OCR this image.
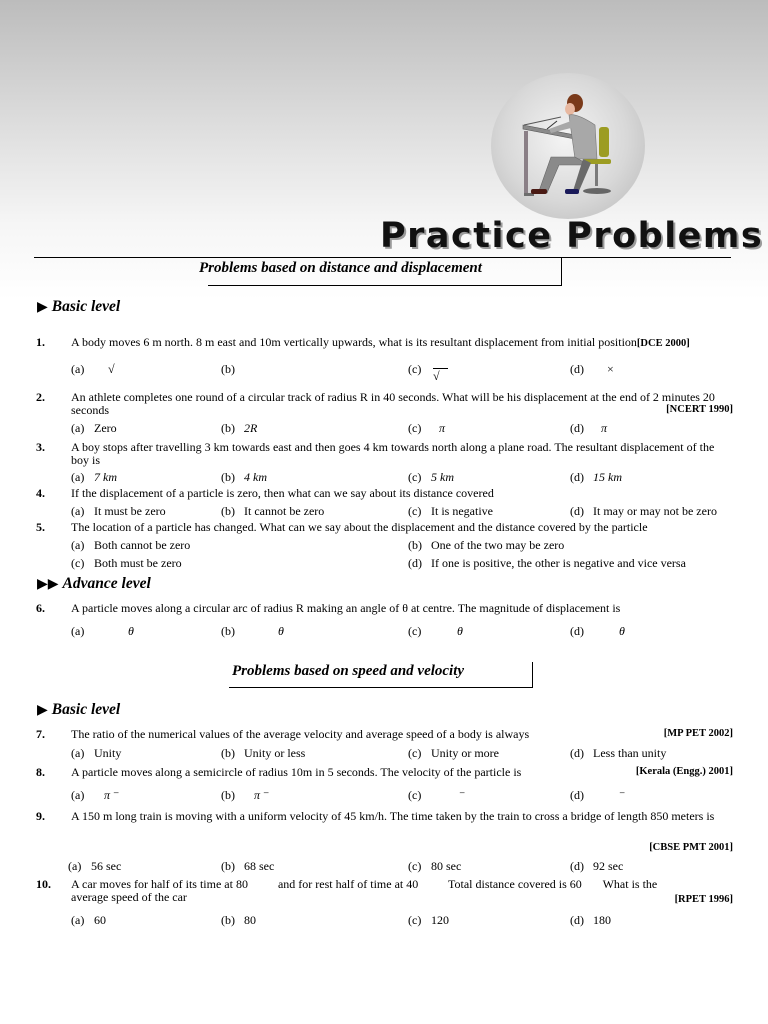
Practice Problems
Problems based on distance and displacement
▶ Basic level
1. A body moves 6 m north. 8 m east and 10m vertically upwards, what is its resultant displacement from initial position[DCE 2000]
(a) √	(b)	(c) √	(d) ×
2. An athlete completes one round of a circular track of radius R in 40 seconds. What will be his displacement at the end of 2 minutes 20 seconds	[NCERT 1990]
(a) Zero	(b) 2R	(c) π	(d) π
3. A boy stops after travelling 3 km towards east and then goes 4 km towards north along a plane road. The resultant displacement of the boy is
(a) 7 km	(b) 4 km	(c) 5 km	(d) 15 km
4. If the displacement of a particle is zero, then what can we say about its distance covered
(a) It must be zero	(b) It cannot be zero	(c) It is negative	(d) It may or may not be zero
5. The location of a particle has changed. What can we say about the displacement and the distance covered by the particle
(a) Both cannot be zero	(b) One of the two may be zero
(c) Both must be zero	(d) If one is positive, the other is negative and vice versa
▶▶ Advance level
6. A particle moves along a circular arc of radius R making an angle of θ at centre. The magnitude of displacement is
(a)	θ	(b)	θ	(c)	θ	(d)	θ
Problems based on speed and velocity
▶ Basic level
7. The ratio of the numerical values of the average velocity and average speed of a body is always	[MP PET 2002]
(a) Unity	(b) Unity or less	(c) Unity or more	(d) Less than unity
8. A particle moves along a semicircle of radius 10m in 5 seconds. The velocity of the particle is	[Kerala (Engg.) 2001]
(a) π ⁻	(b) π ⁻	(c)	⁻	(d)	⁻
9. A 150 m long train is moving with a uniform velocity of 45 km/h. The time taken by the train to cross a bridge of length 850 meters is
[CBSE PMT 2001]
(a) 56 sec	(b) 68 sec	(c) 80 sec	(d) 92 sec
10. A car moves for half of its time at 80          and for rest half of time at 40          Total distance covered is 60       What is the
average speed of the car	[RPET 1996]
(a) 60	(b) 80	(c) 120	(d) 180
